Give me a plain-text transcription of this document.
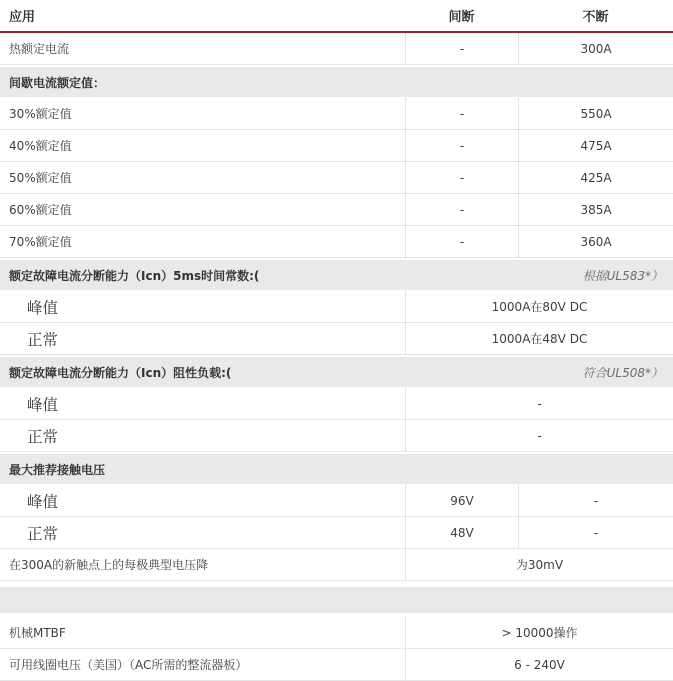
应用	间断	不断
热额定电流	-	300A
间歇电流额定值：
30%额定值	-	550A
40%额定值	-	475A
50%额定值	-	425A
60%额定值	-	385A
70%额定值	-	360A
额定故障电流分断能力（Icn）5ms时间常数:(	根据UL583*）
峰值	1000A在80V DC
正常	1000A在48V DC
额定故障电流分断能力（Icn）阻性负载:(	符合UL508*）
峰值	-
正常	-
最大推荐接触电压
峰值	96V	-
正常	48V	-
在300A的新触点上的每极典型电压降	为30mV
机械MTBF	> 10000操作
可用线圈电压（美国）（AC所需的整流器板）	6 - 240V
